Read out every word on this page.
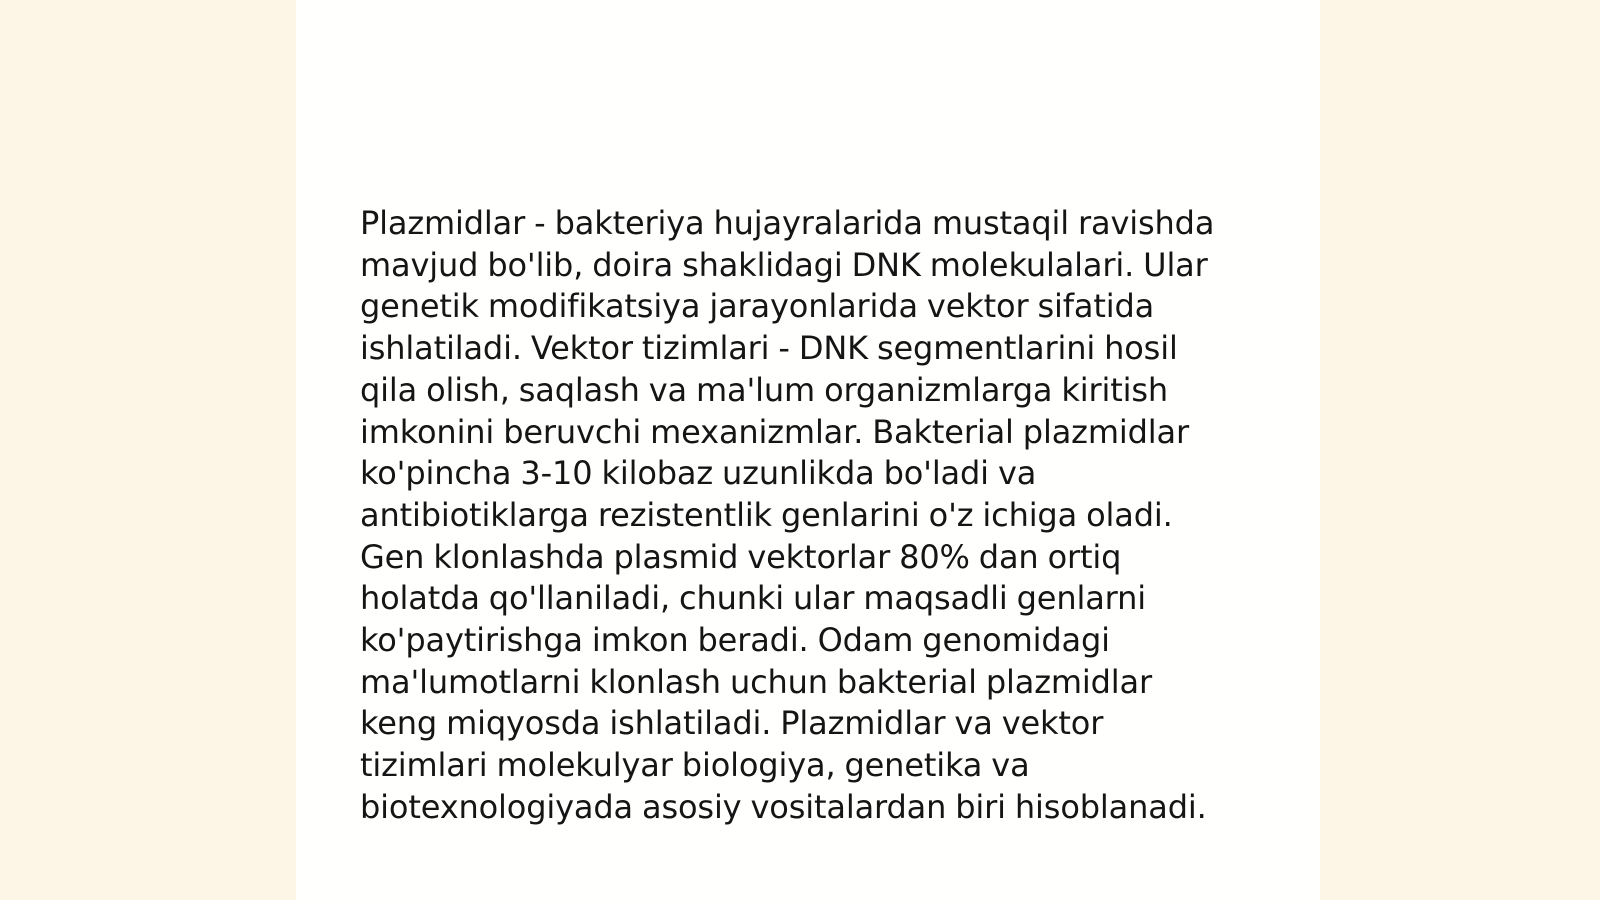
Plazmidlar - bakteriya hujayralarida mustaqil ravishda
mavjud bo'lib, doira shaklidagi DNK molekulalari. Ular
genetik modifikatsiya jarayonlarida vektor sifatida
ishlatiladi. Vektor tizimlari - DNK segmentlarini hosil
qila olish, saqlash va ma'lum organizmlarga kiritish
imkonini beruvchi mexanizmlar. Bakterial plazmidlar
ko'pincha 3-10 kilobaz uzunlikda bo'ladi va
antibiotiklarga rezistentlik genlarini o'z ichiga oladi.
Gen klonlashda plasmid vektorlar 80% dan ortiq
holatda qo'llaniladi, chunki ular maqsadli genlarni
ko'paytirishga imkon beradi. Odam genomidagi
ma'lumotlarni klonlash uchun bakterial plazmidlar
keng miqyosda ishlatiladi. Plazmidlar va vektor
tizimlari molekulyar biologiya, genetika va
biotexnologiyada asosiy vositalardan biri hisoblanadi.
